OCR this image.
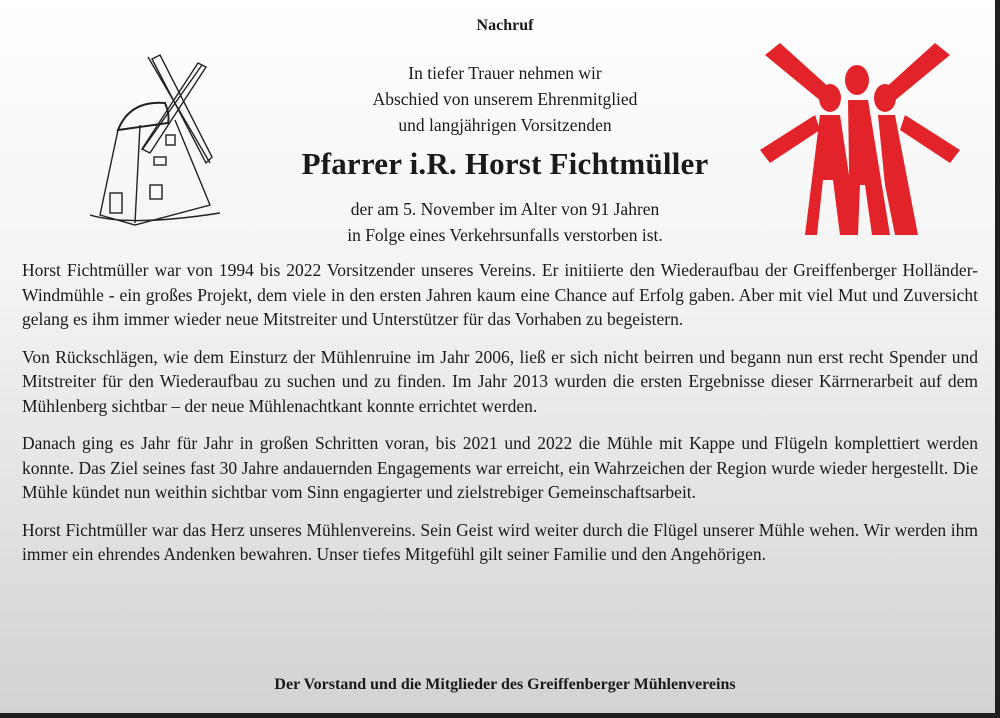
Nachruf
In tiefer Trauer nehmen wir
Abschied von unserem Ehrenmitglied
und langjährigen Vorsitzenden
Pfarrer i.R. Horst Fichtmüller
der am 5. November im Alter von 91 Jahren
in Folge eines Verkehrsunfalls verstorben ist.

Horst Fichtmüller war von 1994 bis 2022 Vorsitzender unseres Vereins. Er initiierte den Wiederaufbau der Greiffenberger Holländer-Windmühle - ein großes Projekt, dem viele in den ersten Jahren kaum eine Chance auf Erfolg gaben. Aber mit viel Mut und Zuversicht gelang es ihm immer wieder neue Mitstreiter und Unterstützer für das Vorhaben zu begeistern.

Von Rückschlägen, wie dem Einsturz der Mühlenruine im Jahr 2006, ließ er sich nicht beirren und begann nun erst recht Spender und Mitstreiter für den Wiederaufbau zu suchen und zu finden. Im Jahr 2013 wurden die ersten Ergebnisse dieser Kärrnerarbeit auf dem Mühlenberg sichtbar – der neue Mühlenachtkant konnte errichtet werden.

Danach ging es Jahr für Jahr in großen Schritten voran, bis 2021 und 2022 die Mühle mit Kappe und Flügeln komplettiert werden konnte. Das Ziel seines fast 30 Jahre andauernden Engagements war erreicht, ein Wahrzeichen der Region wurde wieder hergestellt. Die Mühle kündet nun weithin sichtbar vom Sinn engagierter und zielstrebiger Gemeinschaftsarbeit.

Horst Fichtmüller war das Herz unseres Mühlenvereins. Sein Geist wird weiter durch die Flügel unserer Mühle wehen. Wir werden ihm immer ein ehrendes Andenken bewahren. Unser tiefes Mitgefühl gilt seiner Familie und den Angehörigen.

Der Vorstand und die Mitglieder des Greiffenberger Mühlenvereins
